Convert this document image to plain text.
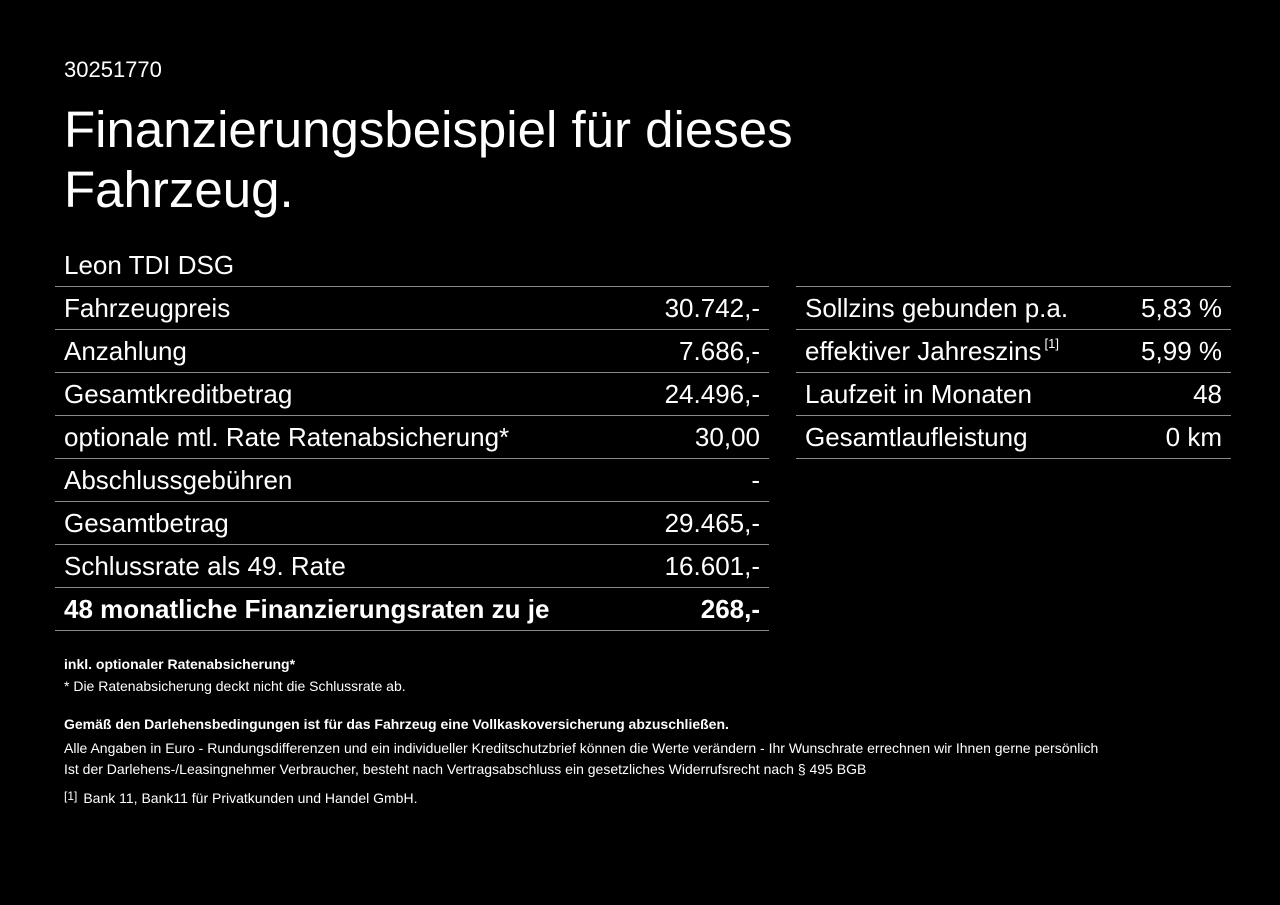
30251770
Finanzierungsbeispiel für dieses Fahrzeug.
Leon TDI DSG
Fahrzeugpreis	30.742,-
Anzahlung	7.686,-
Gesamtkreditbetrag	24.496,-
optionale mtl. Rate Ratenabsicherung*	30,00
Abschlussgebühren	-
Gesamtbetrag	29.465,-
Schlussrate als 49. Rate	16.601,-
48 monatliche Finanzierungsraten zu je	268,-
Sollzins gebunden p.a.	5,83 %
effektiver Jahreszins [1]	5,99 %
Laufzeit in Monaten	48
Gesamtlaufleistung	0 km
inkl. optionaler Ratenabsicherung*
* Die Ratenabsicherung deckt nicht die Schlussrate ab.
Gemäß den Darlehensbedingungen ist für das Fahrzeug eine Vollkaskoversicherung abzuschließen.
Alle Angaben in Euro - Rundungsdifferenzen und ein individueller Kreditschutzbrief können die Werte verändern - Ihr Wunschrate errechnen wir Ihnen gerne persönlich
Ist der Darlehens-/Leasingnehmer Verbraucher, besteht nach Vertragsabschluss ein gesetzliches Widerrufsrecht nach § 495 BGB
[1] Bank 11, Bank11 für Privatkunden und Handel GmbH.
